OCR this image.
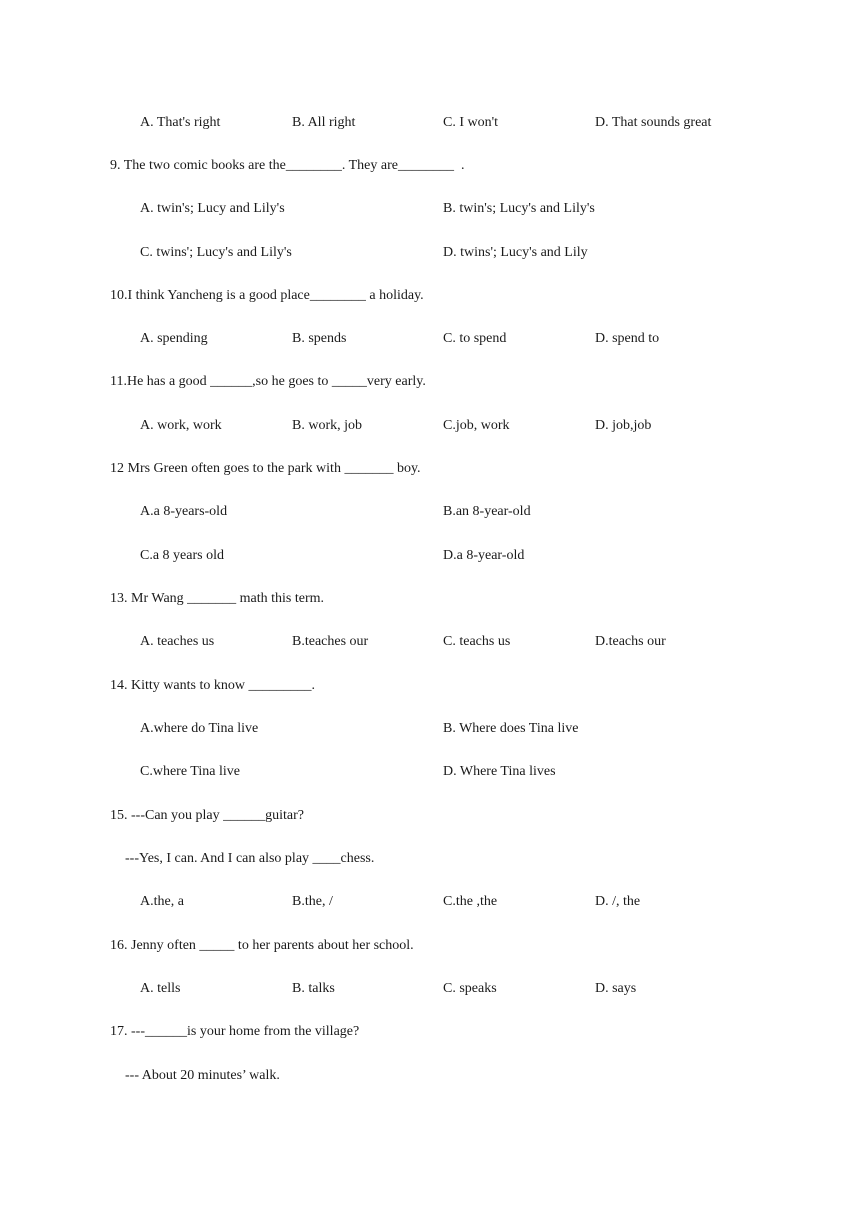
A. That's right	B. All right	C. I won't	D. That sounds great
9. The two comic books are the________. They are________  .
A. twin's; Lucy and Lily's	B. twin's; Lucy's and Lily's
C. twins'; Lucy's and Lily's	D. twins'; Lucy's and Lily
10.I think Yancheng is a good place________ a holiday.
A. spending	B. spends	C. to spend	D. spend to
11.He has a good ______,so he goes to _____very early.
A. work, work	B. work, job	C.job, work	D. job,job
12 Mrs Green often goes to the park with _______ boy.
A.a 8-years-old	B.an 8-year-old
C.a 8 years old	D.a 8-year-old
13. Mr Wang _______ math this term.
A. teaches us	B.teaches our	C. teachs us	D.teachs our
14. Kitty wants to know _________.
A.where do Tina live	B. Where does Tina live
C.where Tina live	D. Where Tina lives
15. ---Can you play ______guitar?
---Yes, I can. And I can also play ____chess.
A.the, a	B.the, /	C.the ,the	D. /, the
16. Jenny often _____ to her parents about her school.
A. tells	B. talks	C. speaks	D. says
17. ---______is your home from the village?
--- About 20 minutes’ walk.
